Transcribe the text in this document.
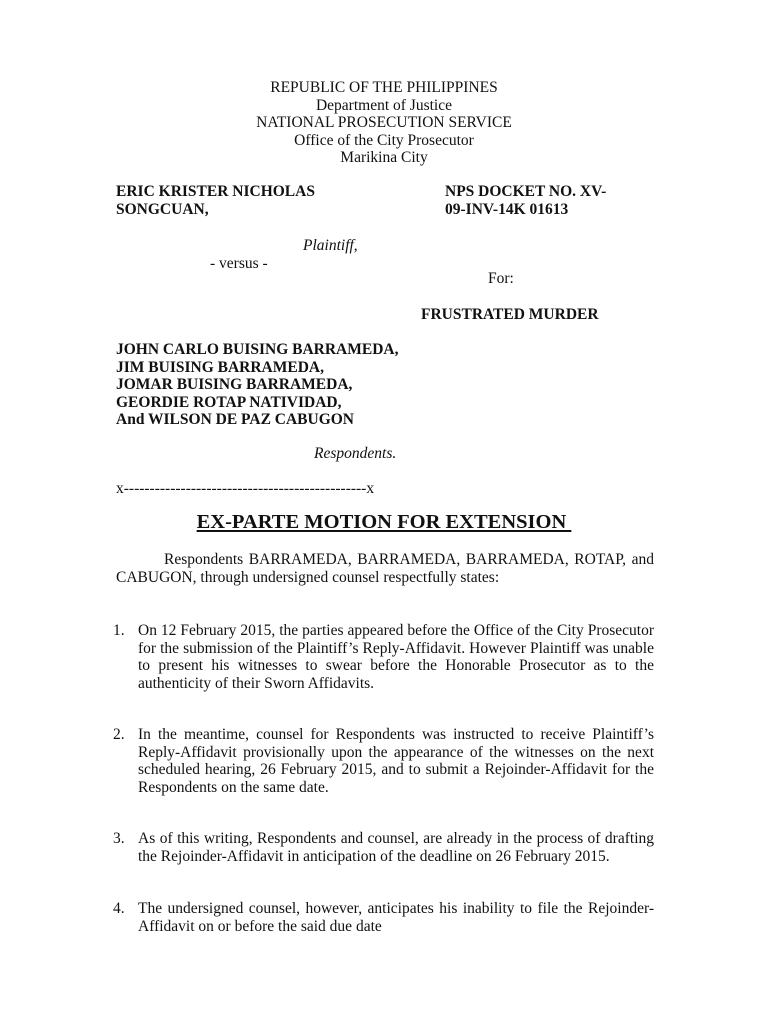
REPUBLIC OF THE PHILIPPINES
Department of Justice
NATIONAL PROSECUTION SERVICE
Office of the City Prosecutor
Marikina City
ERIC KRISTER NICHOLAS
SONGCUAN,
NPS DOCKET NO. XV-
09-INV-14K 01613
Plaintiff,
- versus -
For:
FRUSTRATED MURDER
JOHN CARLO BUISING BARRAMEDA,
JIM BUISING BARRAMEDA,
JOMAR BUISING BARRAMEDA,
GEORDIE ROTAP NATIVIDAD,
And WILSON DE PAZ CABUGON
Respondents.
x-----------------------------------------------x
EX-PARTE MOTION FOR EXTENSION
Respondents BARRAMEDA, BARRAMEDA, BARRAMEDA, ROTAP, and CABUGON, through undersigned counsel respectfully states:
1. On 12 February 2015, the parties appeared before the Office of the City Prosecutor for the submission of the Plaintiff’s Reply-Affidavit. However Plaintiff was unable to present his witnesses to swear before the Honorable Prosecutor as to the authenticity of their Sworn Affidavits.
2. In the meantime, counsel for Respondents was instructed to receive Plaintiff’s Reply-Affidavit provisionally upon the appearance of the witnesses on the next scheduled hearing, 26 February 2015, and to submit a Rejoinder-Affidavit for the Respondents on the same date.
3. As of this writing, Respondents and counsel, are already in the process of drafting the Rejoinder-Affidavit in anticipation of the deadline on 26 February 2015.
4. The undersigned counsel, however, anticipates his inability to file the Rejoinder-Affidavit on or before the said due date
